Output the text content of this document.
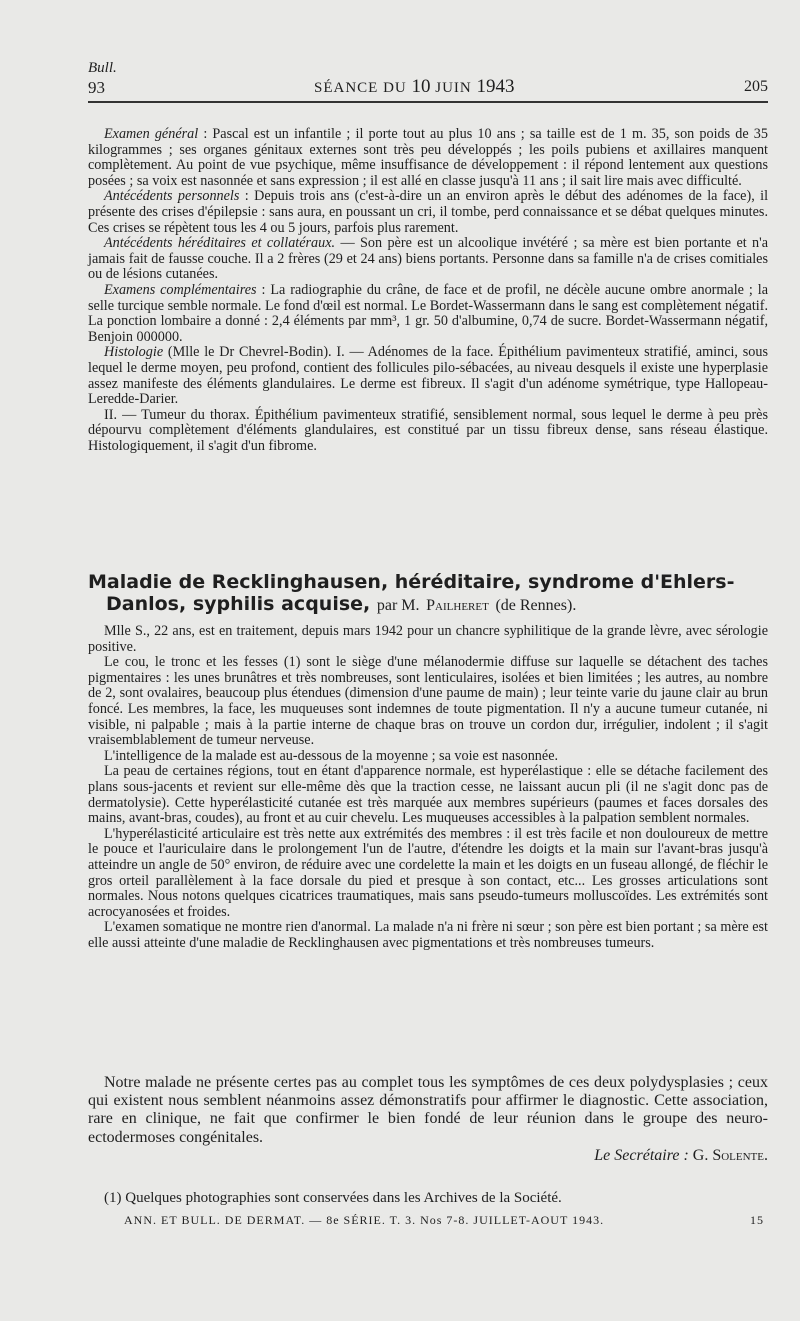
Bull.
93	SÉANCE DU 10 JUIN 1943	205

Examen général : Pascal est un infantile ; il porte tout au plus 10 ans ; sa taille est de 1 m. 35, son poids de 35 kilogrammes ; ses organes génitaux externes sont très peu développés ; les poils pubiens et axillaires manquent complètement. Au point de vue psychique, même insuffisance de développement : il répond lentement aux questions posées ; sa voix est nasonnée et sans expression ; il est allé en classe jusqu'à 11 ans ; il sait lire mais avec difficulté.

Antécédents personnels : Depuis trois ans (c'est-à-dire un an environ après le début des adénomes de la face), il présente des crises d'épilepsie : sans aura, en poussant un cri, il tombe, perd connaissance et se débat quelques minutes. Ces crises se répètent tous les 4 ou 5 jours, parfois plus rarement.

Antécédents héréditaires et collatéraux. — Son père est un alcoolique invétéré ; sa mère est bien portante et n'a jamais fait de fausse couche. Il a 2 frères (29 et 24 ans) biens portants. Personne dans sa famille n'a de crises comitiales ou de lésions cutanées.

Examens complémentaires : La radiographie du crâne, de face et de profil, ne décèle aucune ombre anormale ; la selle turcique semble normale. Le fond d'œil est normal. Le Bordet-Wassermann dans le sang est complètement négatif. La ponction lombaire a donné : 2,4 éléments par mm³, 1 gr. 50 d'albumine, 0,74 de sucre. Bordet-Wassermann négatif, Benjoin 000000.

Histologie (Mlle le Dr Chevrel-Bodin). I. — Adénomes de la face. Épithélium pavimenteux stratifié, aminci, sous lequel le derme moyen, peu profond, contient des follicules pilo-sébacées, au niveau desquels il existe une hyperplasie assez manifeste des éléments glandulaires. Le derme est fibreux. Il s'agit d'un adénome symétrique, type Hallopeau-Leredde-Darier.

II. — Tumeur du thorax. Épithélium pavimenteux stratifié, sensiblement normal, sous lequel le derme à peu près dépourvu complètement d'éléments glandulaires, est constitué par un tissu fibreux dense, sans réseau élastique. Histologiquement, il s'agit d'un fibrome.

Maladie de Recklinghausen, héréditaire, syndrome d'Ehlers-
Danlos, syphilis acquise, par M. Pailheret (de Rennes).

Mlle S., 22 ans, est en traitement, depuis mars 1942 pour un chancre syphilitique de la grande lèvre, avec sérologie positive.

Le cou, le tronc et les fesses (1) sont le siège d'une mélanodermie diffuse sur laquelle se détachent des taches pigmentaires : les unes brunâtres et très nombreuses, sont lenticulaires, isolées et bien limitées ; les autres, au nombre de 2, sont ovalaires, beaucoup plus étendues (dimension d'une paume de main) ; leur teinte varie du jaune clair au brun foncé. Les membres, la face, les muqueuses sont indemnes de toute pigmentation. Il n'y a aucune tumeur cutanée, ni visible, ni palpable ; mais à la partie interne de chaque bras on trouve un cordon dur, irrégulier, indolent ; il s'agit vraisemblablement de tumeur nerveuse.

L'intelligence de la malade est au-dessous de la moyenne ; sa voie est nasonnée.

La peau de certaines régions, tout en étant d'apparence normale, est hyperélastique : elle se détache facilement des plans sous-jacents et revient sur elle-même dès que la traction cesse, ne laissant aucun pli (il ne s'agit donc pas de dermatolysie). Cette hyperélasticité cutanée est très marquée aux membres supérieurs (paumes et faces dorsales des mains, avant-bras, coudes), au front et au cuir chevelu. Les muqueuses accessibles à la palpation semblent normales.

L'hyperélasticité articulaire est très nette aux extrémités des membres : il est très facile et non douloureux de mettre le pouce et l'auriculaire dans le prolongement l'un de l'autre, d'étendre les doigts et la main sur l'avant-bras jusqu'à atteindre un angle de 50° environ, de réduire avec une cordelette la main et les doigts en un fuseau allongé, de fléchir le gros orteil parallèlement à la face dorsale du pied et presque à son contact, etc... Les grosses articulations sont normales. Nous notons quelques cicatrices traumatiques, mais sans pseudo-tumeurs molluscoïdes. Les extrémités sont acrocyanosées et froides.

L'examen somatique ne montre rien d'anormal. La malade n'a ni frère ni sœur ; son père est bien portant ; sa mère est elle aussi atteinte d'une maladie de Recklinghausen avec pigmentations et très nombreuses tumeurs.

Notre malade ne présente certes pas au complet tous les symptômes de ces deux polydysplasies ; ceux qui existent nous semblent néanmoins assez démonstratifs pour affirmer le diagnostic. Cette association, rare en clinique, ne fait que confirmer le bien fondé de leur réunion dans le groupe des neuro-ectodermoses congénitales.

Le Secrétaire : G. Solente.
(1) Quelques photographies sont conservées dans les Archives de la Société.
ANN. ET BULL. DE DERMAT. — 8e SÉRIE. T. 3. Nos 7-8. JUILLET-AOUT 1943.	15
